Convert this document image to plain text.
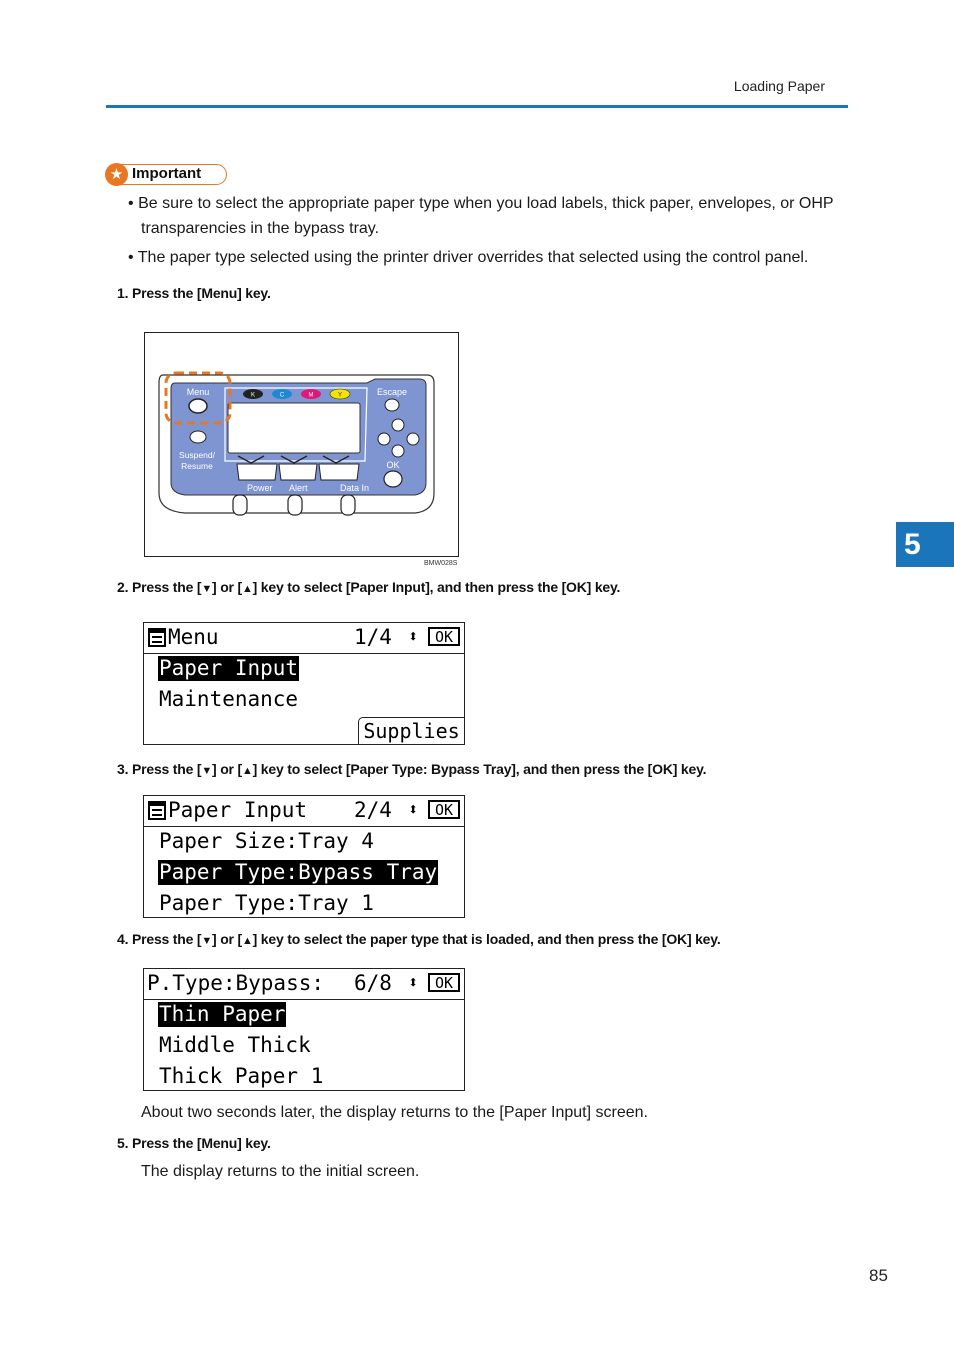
Loading Paper
5
★ Important
• Be sure to select the appropriate paper type when you load labels, thick paper, envelopes, or OHP transparencies in the bypass tray.
• The paper type selected using the printer driver overrides that selected using the control panel.
1. Press the [Menu] key.
K	C	M	Y
Menu
Suspend/
Resume
Escape
OK
Power Alert	Data In
BMW028S
2. Press the [▼] or [▲] key to select [Paper Input], and then press the [OK] key.
Menu	1/4 ⬍	OK
Paper Input
Maintenance
Supplies
3. Press the [▼] or [▲] key to select [Paper Type: Bypass Tray], and then press the [OK] key.
Paper Input 2/4 ⬍	OK
Paper Size:Tray 4
Paper Type:Bypass Tray
Paper Type:Tray 1
4. Press the [▼] or [▲] key to select the paper type that is loaded, and then press the [OK] key.
P.Type:Bypass: 6/8 ⬍	OK
Thin Paper
Middle Thick
Thick Paper 1
About two seconds later, the display returns to the [Paper Input] screen.
5. Press the [Menu] key.
The display returns to the initial screen.
85
